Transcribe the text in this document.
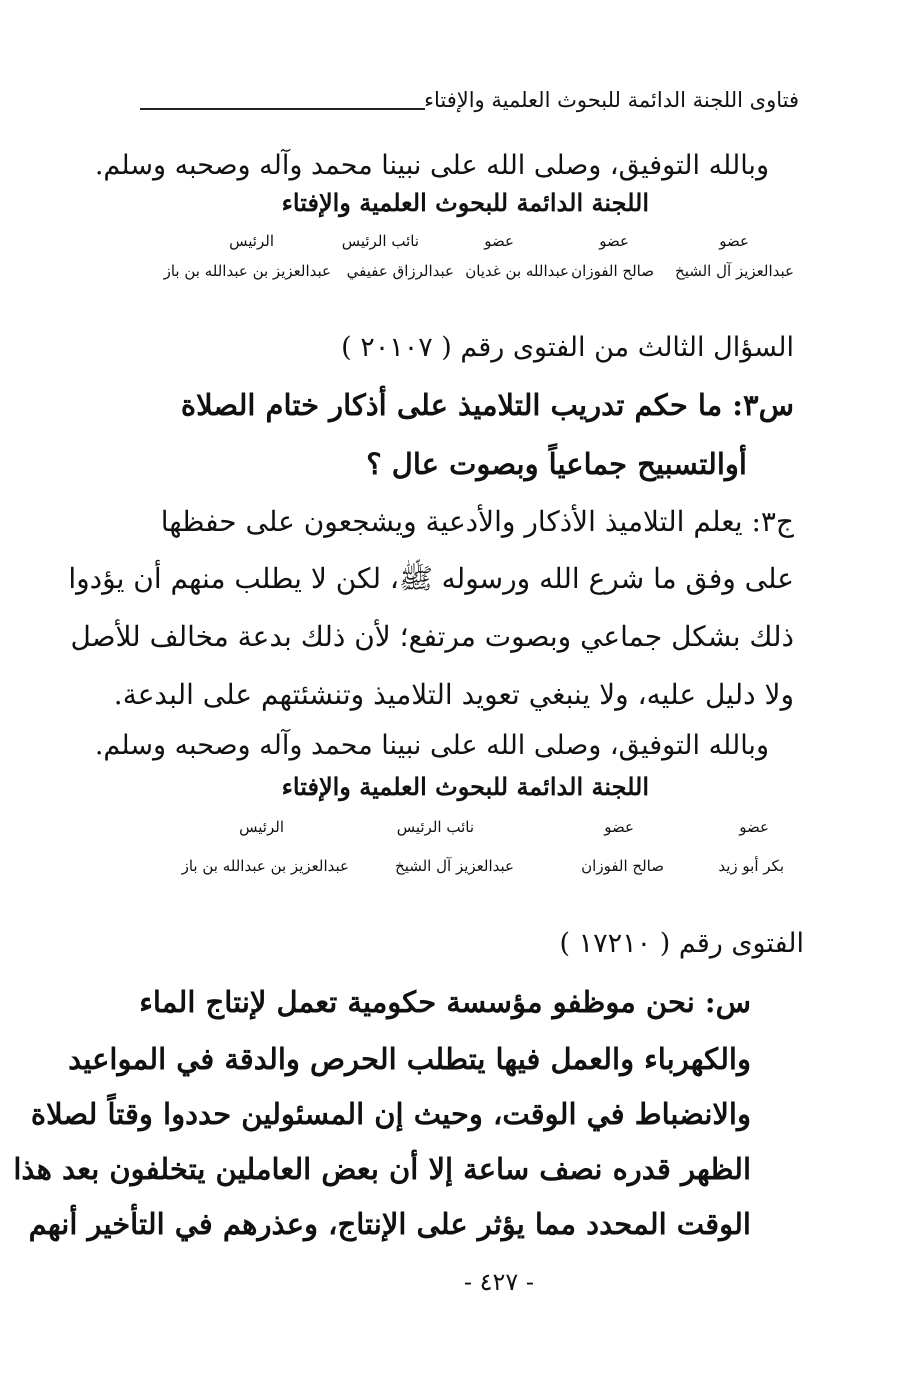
فتاوى اللجنة الدائمة للبحوث العلمية والإفتاء
وبالله التوفيق، وصلى الله على نبينا محمد وآله وصحبه وسلم.
اللجنة الدائمة للبحوث العلمية والإفتاء
عضو
عضو
عضو
نائب الرئيس
الرئيس
عبدالعزيز آل الشيخ
صالح الفوزان
عبدالله بن غديان
عبدالرزاق عفيفي
عبدالعزيز بن عبدالله بن باز
السؤال الثالث من الفتوى رقم ( ٢٠١٠٧ )
س٣: ما حكم تدريب التلاميذ على أذكار ختام الصلاة
أوالتسبيح جماعياً وبصوت عال ؟
ج٣: يعلم التلاميذ الأذكار والأدعية ويشجعون على حفظها
على وفق ما شرع الله ورسوله ﷺ، لكن لا يطلب منهم أن يؤدوا
ذلك بشكل جماعي وبصوت مرتفع؛ لأن ذلك بدعة مخالف للأصل
ولا دليل عليه، ولا ينبغي تعويد التلاميذ وتنشئتهم على البدعة.
وبالله التوفيق، وصلى الله على نبينا محمد وآله وصحبه وسلم.
اللجنة الدائمة للبحوث العلمية والإفتاء
عضو
عضو
نائب الرئيس
الرئيس
بكر أبو زيد
صالح الفوزان
عبدالعزيز آل الشيخ
عبدالعزيز بن عبدالله بن باز
الفتوى رقم ( ١٧٢١٠ )
س: نحن موظفو مؤسسة حكومية تعمل لإنتاج الماء
والكهرباء والعمل فيها يتطلب الحرص والدقة في المواعيد
والانضباط في الوقت، وحيث إن المسئولين حددوا وقتاً لصلاة
الظهر قدره نصف ساعة إلا أن بعض العاملين يتخلفون بعد هذا
الوقت المحدد مما يؤثر على الإنتاج، وعذرهم في التأخير أنهم
- ٤٢٧ -
